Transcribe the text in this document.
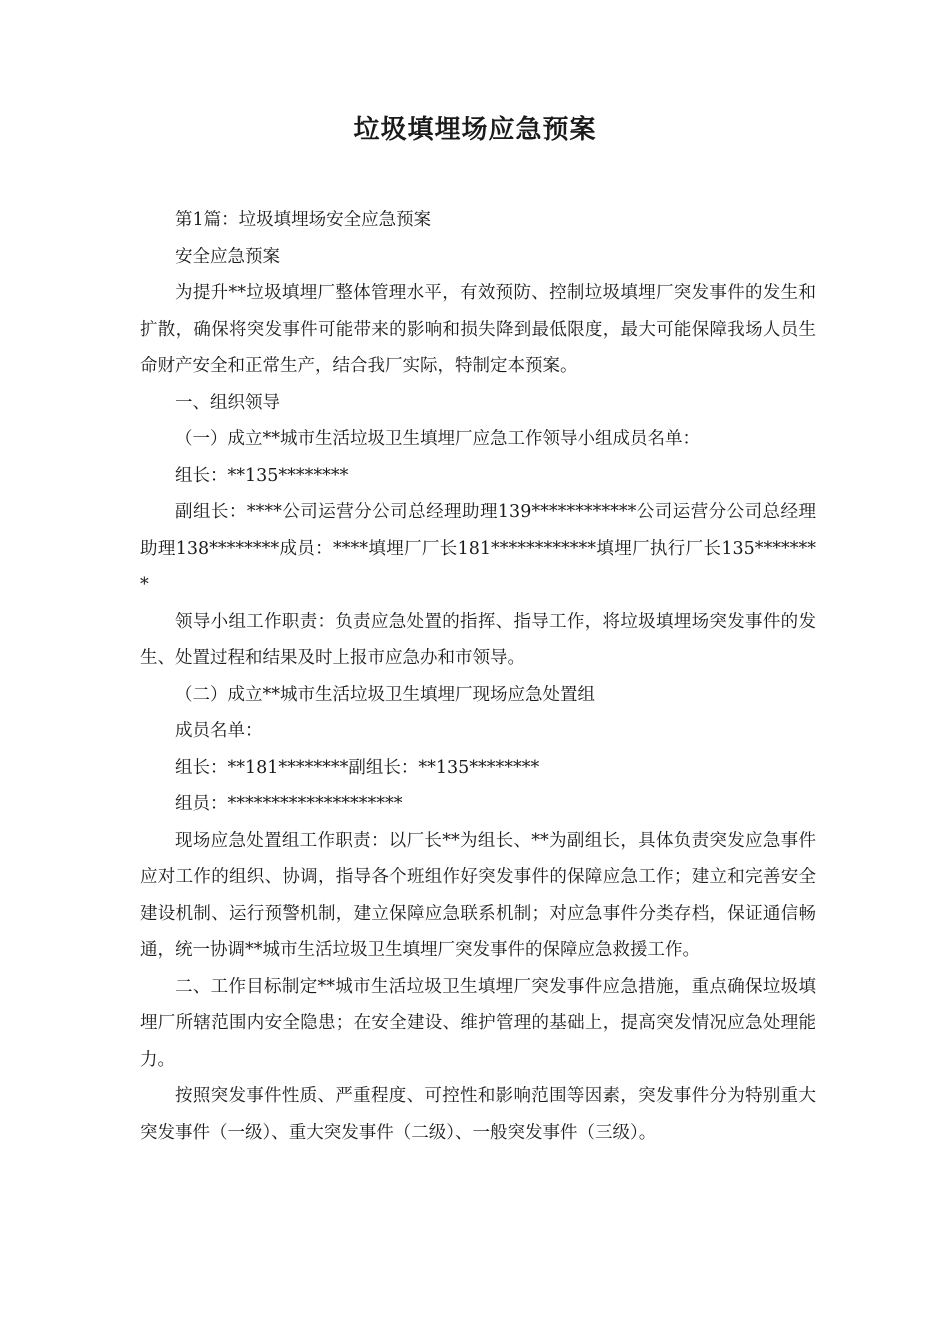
垃圾填埋场应急预案

第1篇：垃圾填埋场安全应急预案

安全应急预案

为提升**垃圾填埋厂整体管理水平，有效预防、控制垃圾填埋厂突发事件的发生和扩散，确保将突发事件可能带来的影响和损失降到最低限度，最大可能保障我场人员生命财产安全和正常生产，结合我厂实际，特制定本预案。

一、组织领导

（一）成立**城市生活垃圾卫生填埋厂应急工作领导小组成员名单：

组长：**135********

副组长：****公司运营分公司总经理助理139************公司运营分公司总经理助理138********成员：****填埋厂厂长181************填埋厂执行厂长135********

领导小组工作职责：负责应急处置的指挥、指导工作，将垃圾填埋场突发事件的发生、处置过程和结果及时上报市应急办和市领导。

（二）成立**城市生活垃圾卫生填埋厂现场应急处置组

成员名单：

组长：**181********副组长：**135********

组员：********************

现场应急处置组工作职责：以厂长**为组长、**为副组长，具体负责突发应急事件应对工作的组织、协调，指导各个班组作好突发事件的保障应急工作；建立和完善安全建设机制、运行预警机制，建立保障应急联系机制；对应急事件分类存档，保证通信畅通，统一协调**城市生活垃圾卫生填埋厂突发事件的保障应急救援工作。

二、工作目标制定**城市生活垃圾卫生填埋厂突发事件应急措施，重点确保垃圾填埋厂所辖范围内安全隐患；在安全建设、维护管理的基础上，提高突发情况应急处理能力。

按照突发事件性质、严重程度、可控性和影响范围等因素，突发事件分为特别重大突发事件（一级）、重大突发事件（二级）、一般突发事件（三级）。
